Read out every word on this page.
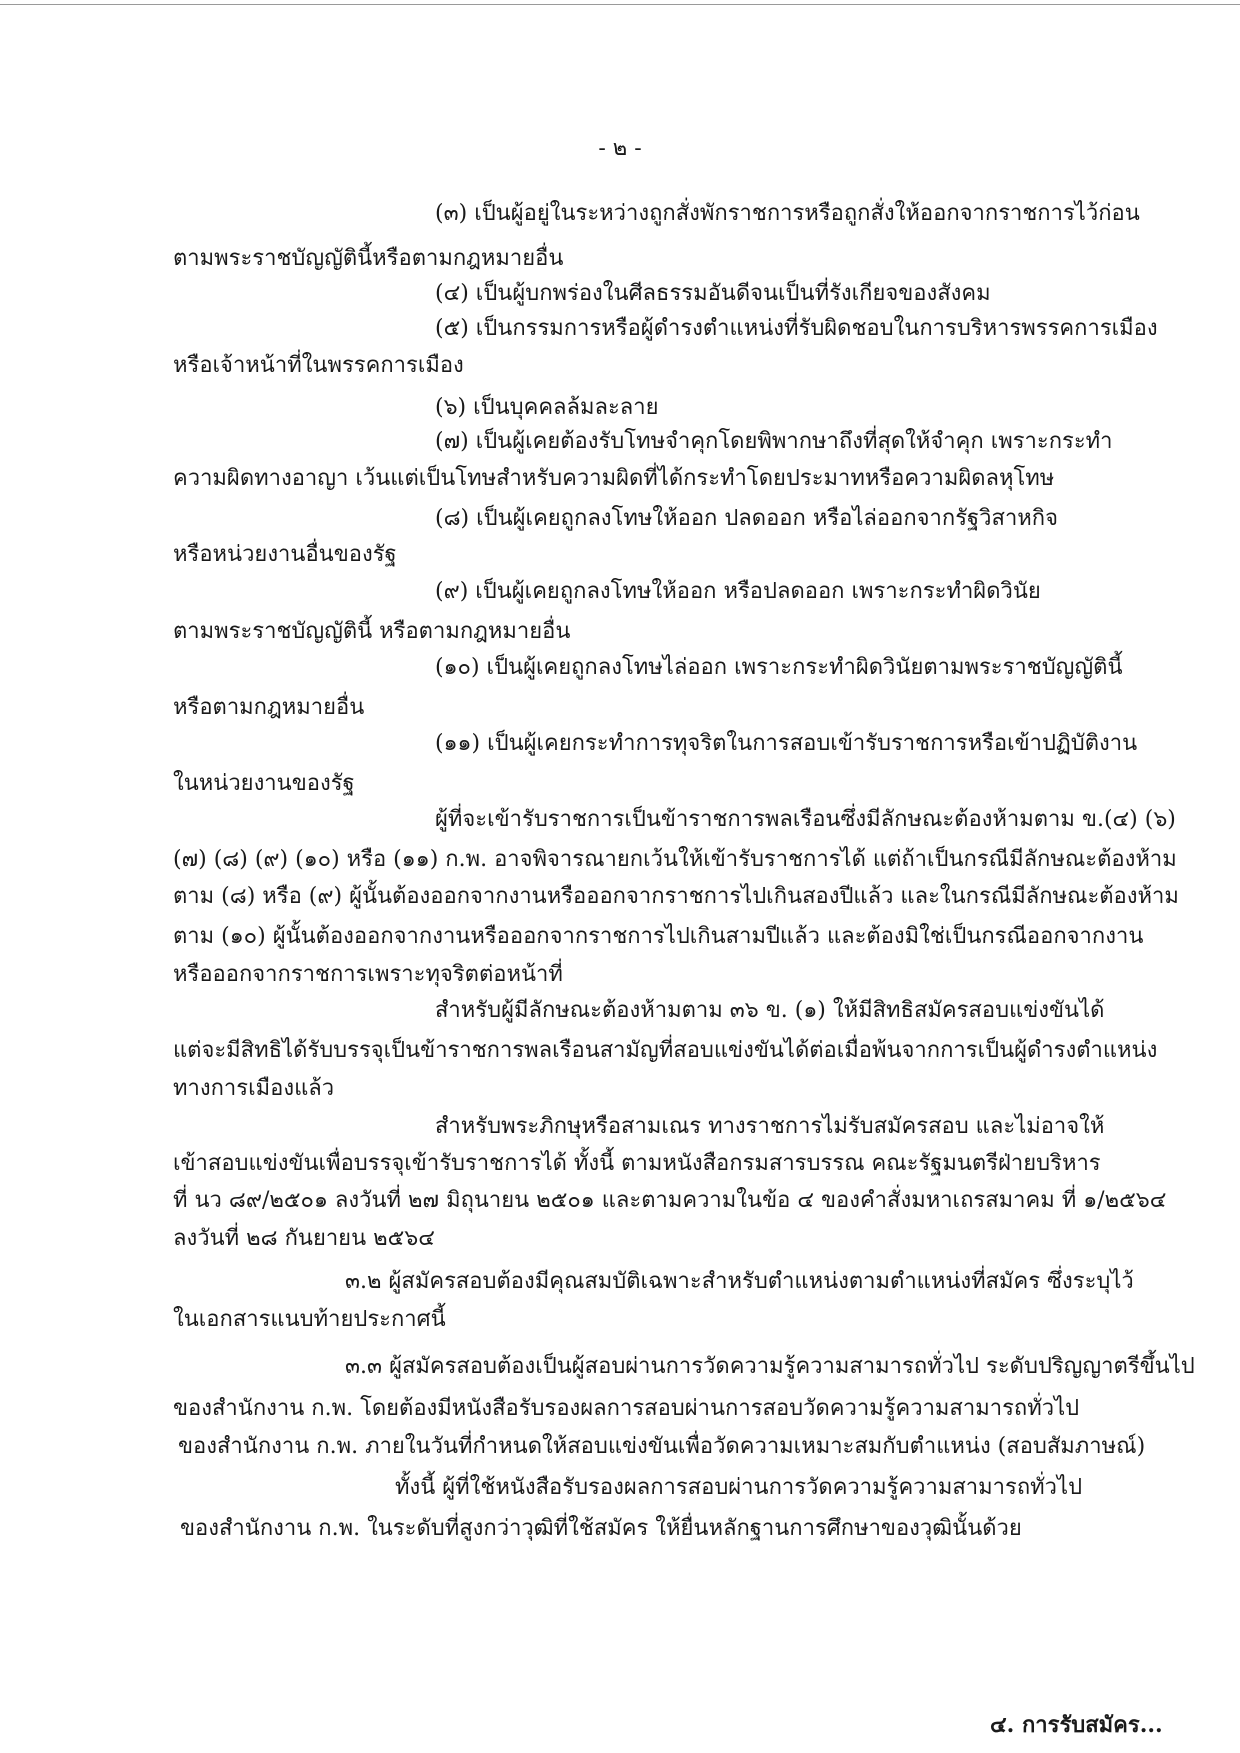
- ๒ -
(๓) เป็นผู้อยู่ในระหว่างถูกสั่งพักราชการหรือถูกสั่งให้ออกจากราชการไว้ก่อน
ตามพระราชบัญญัตินี้หรือตามกฎหมายอื่น
(๔) เป็นผู้บกพร่องในศีลธรรมอันดีจนเป็นที่รังเกียจของสังคม
(๕) เป็นกรรมการหรือผู้ดำรงตำแหน่งที่รับผิดชอบในการบริหารพรรคการเมือง
หรือเจ้าหน้าที่ในพรรคการเมือง
(๖) เป็นบุคคลล้มละลาย
(๗) เป็นผู้เคยต้องรับโทษจำคุกโดยพิพากษาถึงที่สุดให้จำคุก เพราะกระทำ
ความผิดทางอาญา เว้นแต่เป็นโทษสำหรับความผิดที่ได้กระทำโดยประมาทหรือความผิดลหุโทษ
(๘) เป็นผู้เคยถูกลงโทษให้ออก ปลดออก หรือไล่ออกจากรัฐวิสาหกิจ
หรือหน่วยงานอื่นของรัฐ
(๙) เป็นผู้เคยถูกลงโทษให้ออก หรือปลดออก เพราะกระทำผิดวินัย
ตามพระราชบัญญัตินี้ หรือตามกฎหมายอื่น
(๑๐) เป็นผู้เคยถูกลงโทษไล่ออก เพราะกระทำผิดวินัยตามพระราชบัญญัตินี้
หรือตามกฎหมายอื่น
(๑๑) เป็นผู้เคยกระทำการทุจริตในการสอบเข้ารับราชการหรือเข้าปฏิบัติงาน
ในหน่วยงานของรัฐ
ผู้ที่จะเข้ารับราชการเป็นข้าราชการพลเรือนซึ่งมีลักษณะต้องห้ามตาม ข.(๔) (๖)
(๗) (๘) (๙) (๑๐) หรือ (๑๑) ก.พ. อาจพิจารณายกเว้นให้เข้ารับราชการได้ แต่ถ้าเป็นกรณีมีลักษณะต้องห้าม
ตาม (๘) หรือ (๙) ผู้นั้นต้องออกจากงานหรือออกจากราชการไปเกินสองปีแล้ว และในกรณีมีลักษณะต้องห้าม
ตาม (๑๐) ผู้นั้นต้องออกจากงานหรือออกจากราชการไปเกินสามปีแล้ว และต้องมิใช่เป็นกรณีออกจากงาน
หรือออกจากราชการเพราะทุจริตต่อหน้าที่
สำหรับผู้มีลักษณะต้องห้ามตาม ๓๖ ข. (๑) ให้มีสิทธิสมัครสอบแข่งขันได้
แต่จะมีสิทธิได้รับบรรจุเป็นข้าราชการพลเรือนสามัญที่สอบแข่งขันได้ต่อเมื่อพ้นจากการเป็นผู้ดำรงตำแหน่ง
ทางการเมืองแล้ว
สำหรับพระภิกษุหรือสามเณร ทางราชการไม่รับสมัครสอบ และไม่อาจให้
เข้าสอบแข่งขันเพื่อบรรจุเข้ารับราชการได้ ทั้งนี้ ตามหนังสือกรมสารบรรณ คณะรัฐมนตรีฝ่ายบริหาร
ที่ นว ๘๙/๒๕๐๑ ลงวันที่ ๒๗ มิถุนายน ๒๕๐๑ และตามความในข้อ ๔ ของคำสั่งมหาเถรสมาคม ที่ ๑/๒๕๖๔
ลงวันที่ ๒๘ กันยายน ๒๕๖๔
๓.๒ ผู้สมัครสอบต้องมีคุณสมบัติเฉพาะสำหรับตำแหน่งตามตำแหน่งที่สมัคร ซึ่งระบุไว้
ในเอกสารแนบท้ายประกาศนี้
๓.๓ ผู้สมัครสอบต้องเป็นผู้สอบผ่านการวัดความรู้ความสามารถทั่วไป ระดับปริญญาตรีขึ้นไป
ของสำนักงาน ก.พ. โดยต้องมีหนังสือรับรองผลการสอบผ่านการสอบวัดความรู้ความสามารถทั่วไป
ของสำนักงาน ก.พ. ภายในวันที่กำหนดให้สอบแข่งขันเพื่อวัดความเหมาะสมกับตำแหน่ง (สอบสัมภาษณ์)
ทั้งนี้ ผู้ที่ใช้หนังสือรับรองผลการสอบผ่านการวัดความรู้ความสามารถทั่วไป
ของสำนักงาน ก.พ. ในระดับที่สูงกว่าวุฒิที่ใช้สมัคร ให้ยื่นหลักฐานการศึกษาของวุฒินั้นด้วย
๔. การรับสมัคร...
